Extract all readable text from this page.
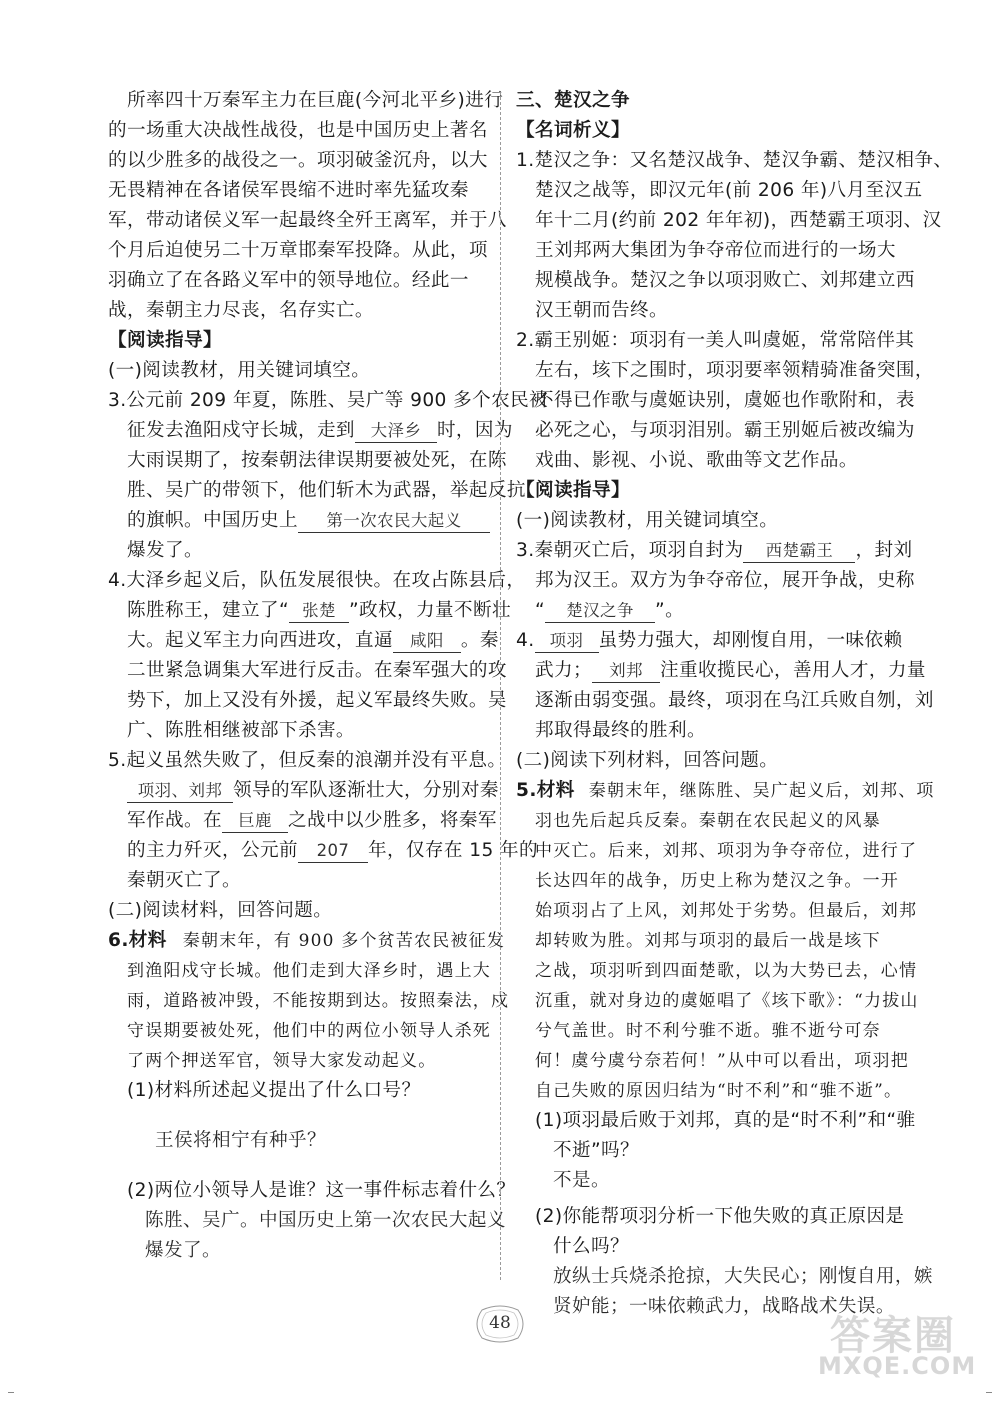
所率四十万秦军主力在巨鹿(今河北平乡)进行
的一场重大决战性战役，也是中国历史上著名
的以少胜多的战役之一。项羽破釜沉舟，以大
无畏精神在各诸侯军畏缩不进时率先猛攻秦
军，带动诸侯义军一起最终全歼王离军，并于八
个月后迫使另二十万章邯秦军投降。从此，项
羽确立了在各路义军中的领导地位。经此一
战，秦朝主力尽丧，名存实亡。
【阅读指导】
(一)阅读教材，用关键词填空。
3.公元前 209 年夏，陈胜、吴广等 900 多个农民被
征发去渔阳戍守长城，走到 大泽乡 时，因为
大雨误期了，按秦朝法律误期要被处死，在陈
胜、吴广的带领下，他们斩木为武器，举起反抗
的旗帜。中国历史上 第一次农民大起义
爆发了。
4.大泽乡起义后，队伍发展很快。在攻占陈县后，
陈胜称王，建立了“ 张楚 ”政权，力量不断壮
大。起义军主力向西进攻，直逼 咸阳 。秦
二世紧急调集大军进行反击。在秦军强大的攻
势下，加上又没有外援，起义军最终失败。吴
广、陈胜相继被部下杀害。
5.起义虽然失败了，但反秦的浪潮并没有平息。
项羽、刘邦 领导的军队逐渐壮大，分别对秦
军作战。在 巨鹿 之战中以少胜多，将秦军
的主力歼灭，公元前 207 年，仅存在 15 年的
秦朝灭亡了。
(二)阅读材料，回答问题。
6.材料 秦朝末年，有 900 多个贫苦农民被征发
到渔阳戍守长城。他们走到大泽乡时，遇上大
雨，道路被冲毁，不能按期到达。按照秦法，戍
守误期要被处死，他们中的两位小领导人杀死
了两个押送军官，领导大家发动起义。
(1)材料所述起义提出了什么口号？
王侯将相宁有种乎？
(2)两位小领导人是谁？这一事件标志着什么？
陈胜、吴广。中国历史上第一次农民大起义
爆发了。
三、楚汉之争
【名词析义】
1.楚汉之争：又名楚汉战争、楚汉争霸、楚汉相争、
楚汉之战等，即汉元年(前 206 年)八月至汉五
年十二月(约前 202 年年初)，西楚霸王项羽、汉
王刘邦两大集团为争夺帝位而进行的一场大
规模战争。楚汉之争以项羽败亡、刘邦建立西
汉王朝而告终。
2.霸王别姬：项羽有一美人叫虞姬，常常陪伴其
左右，垓下之围时，项羽要率领精骑准备突围，
不得已作歌与虞姬诀别，虞姬也作歌附和，表
必死之心，与项羽泪别。霸王别姬后被改编为
戏曲、影视、小说、歌曲等文艺作品。
【阅读指导】
(一)阅读教材，用关键词填空。
3.秦朝灭亡后，项羽自封为 西楚霸王 ，封刘
邦为汉王。双方为争夺帝位，展开争战，史称
“ 楚汉之争 ”。
4. 项羽 虽势力强大，却刚愎自用，一味依赖
武力； 刘邦 注重收揽民心，善用人才，力量
逐渐由弱变强。最终，项羽在乌江兵败自刎，刘
邦取得最终的胜利。
(二)阅读下列材料，回答问题。
5.材料 秦朝末年，继陈胜、吴广起义后，刘邦、项
羽也先后起兵反秦。秦朝在农民起义的风暴
中灭亡。后来，刘邦、项羽为争夺帝位，进行了
长达四年的战争，历史上称为楚汉之争。一开
始项羽占了上风，刘邦处于劣势。但最后，刘邦
却转败为胜。刘邦与项羽的最后一战是垓下
之战，项羽听到四面楚歌，以为大势已去，心情
沉重，就对身边的虞姬唱了《垓下歌》：“力拔山
兮气盖世。时不利兮骓不逝。骓不逝兮可奈
何！虞兮虞兮奈若何！”从中可以看出，项羽把
自己失败的原因归结为“时不利”和“骓不逝”。
(1)项羽最后败于刘邦，真的是“时不利”和“骓
不逝”吗？
不是。
(2)你能帮项羽分析一下他失败的真正原因是
什么吗？
放纵士兵烧杀抢掠，大失民心；刚愎自用，嫉
贤妒能；一味依赖武力，战略战术失误。
48	答案圈
MXQE.COM
